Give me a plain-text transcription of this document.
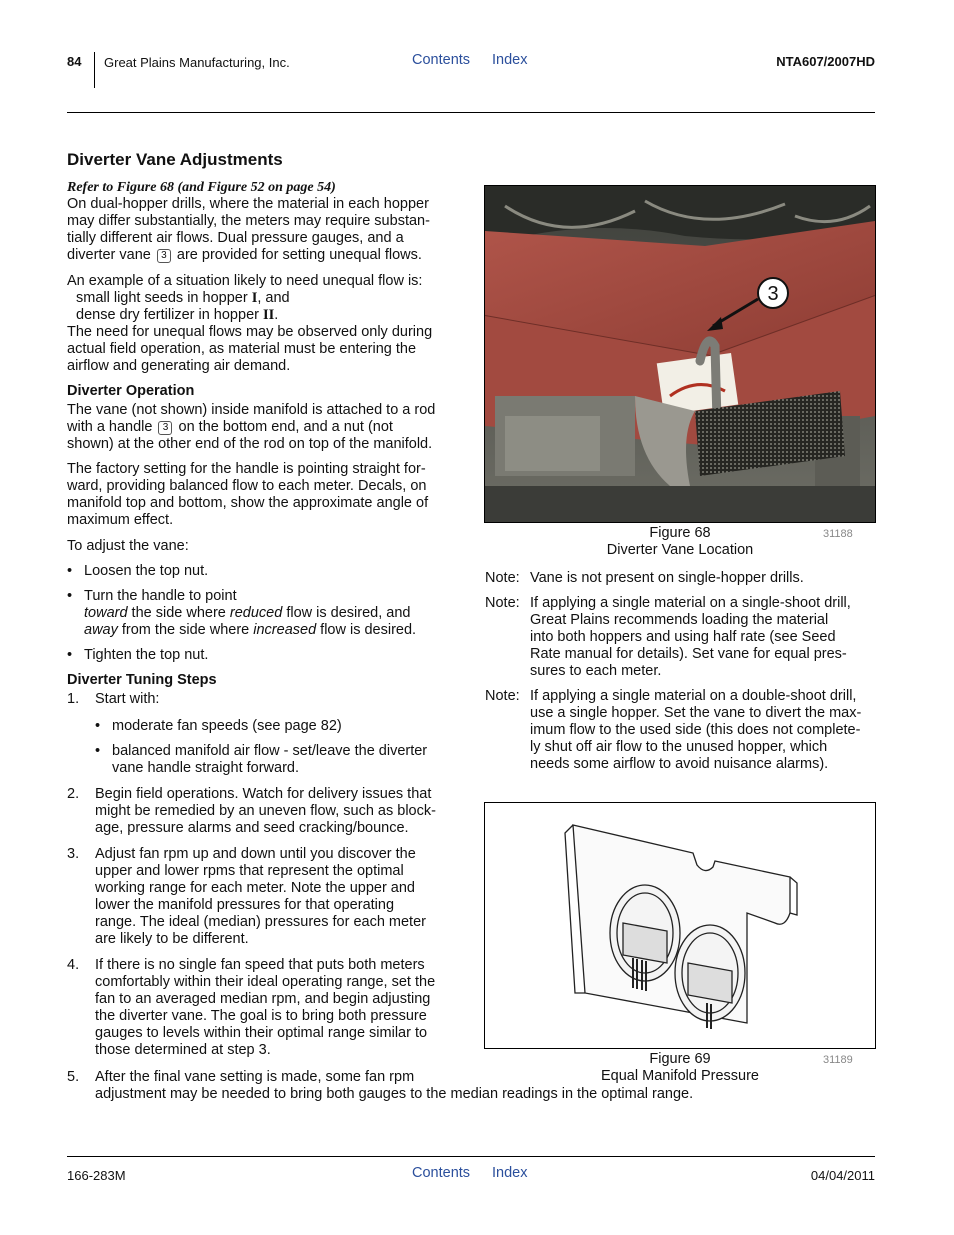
84 Great Plains Manufacturing, Inc.	Contents Index	NTA607/2007HD
Diverter Vane Adjustments
Refer to Figure 68 (and Figure 52 on page 54)

On dual-hopper drills, where the material in each hopper

may differ substantially, the meters may require substan-

tially different air flows. Dual pressure gauges, and a

diverter vane 3 are provided for setting unequal flows.

An example of a situation likely to need unequal flow is:

small light seeds in hopper I, and

dense dry fertilizer in hopper II.

The need for unequal flows may be observed only during

actual field operation, as material must be entering the

airflow and generating air demand.

Diverter Operation

The vane (not shown) inside manifold is attached to a rod

with a handle 3 on the bottom end, and a nut (not

shown) at the other end of the rod on top of the manifold.

The factory setting for the handle is pointing straight for-

ward, providing balanced flow to each meter. Decals, on

manifold top and bottom, show the approximate angle of

maximum effect.

To adjust the vane:

• Loosen the top nut.
• Turn the handle to point
toward the side where reduced flow is desired, and
away from the side where increased flow is desired.
• Tighten the top nut.
Diverter Tuning Steps
1. Start with:
• moderate fan speeds (see page 82)
• balanced manifold air flow - set/leave the diverter
vane handle straight forward.
2. Begin field operations. Watch for delivery issues that
might be remedied by an uneven flow, such as block-
age, pressure alarms and seed cracking/bounce.
3. Adjust fan rpm up and down until you discover the
upper and lower rpms that represent the optimal
working range for each meter. Note the upper and
lower the manifold pressures for that operating
range. The ideal (median) pressures for each meter
are likely to be different.
4. If there is no single fan speed that puts both meters
comfortably within their ideal operating range, set the
fan to an averaged median rpm, and begin adjusting
the diverter vane. The goal is to bring both pressure
gauges to levels within their optimal range similar to
those determined at step 3.
5. After the final vane setting is made, some fan rpm
adjustment may be needed to bring both gauges to the median readings in the optimal range.
3
Figure 68
Diverter Vane Location
31188
Note: Vane is not present on single-hopper drills.
Note: If applying a single material on a single-shoot drill,
Great Plains recommends loading the material
into both hoppers and using half rate (see Seed
Rate manual for details). Set vane for equal pres-
sures to each meter.
Note: If applying a single material on a double-shoot drill,
use a single hopper. Set the vane to divert the max-
imum flow to the used side (this does not complete-
ly shut off air flow to the unused hopper, which
needs some airflow to avoid nuisance alarms).
Figure 69
Equal Manifold Pressure
31189
166-283M	Contents Index	04/04/2011
